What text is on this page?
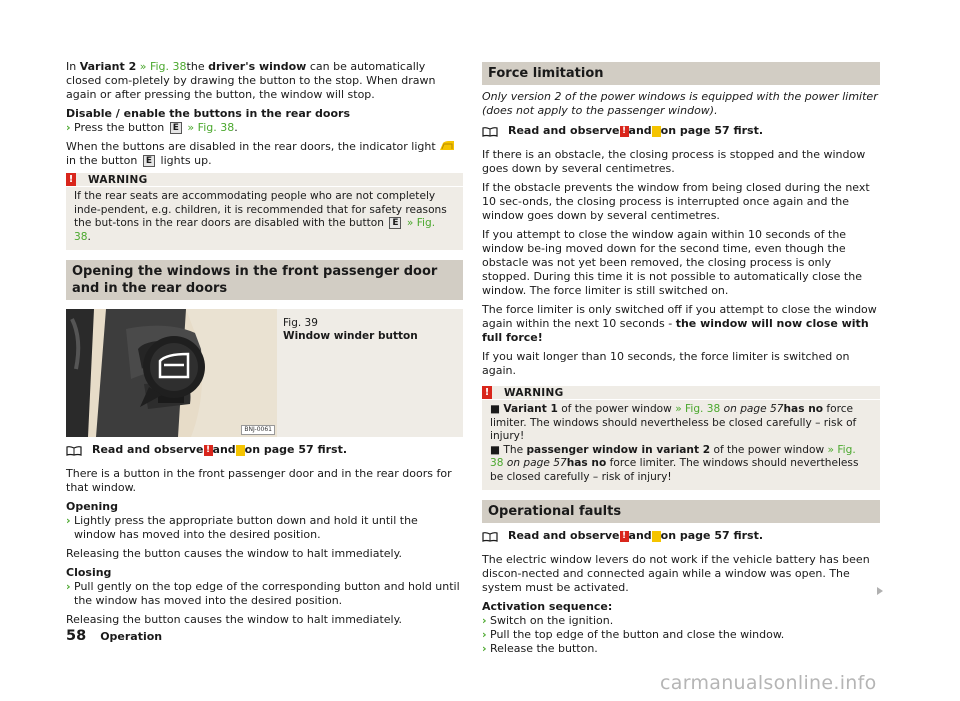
In Variant 2 » Fig. 38the driver's window can be automatically closed com-pletely by drawing the button to the stop. When drawn again or after pressing the button, the window will stop.

Disable / enable the buttons in the rear doors

› Press the button E » Fig. 38.

When the buttons are disabled in the rear doors, the indicator light in the button E lights up.

! WARNING
If the rear seats are accommodating people who are not completely inde-pendent, e.g. children, it is recommended that for safety reasons the but-tons in the rear doors are disabled with the button E » Fig. 38.
Opening the windows in the front passenger door and in the rear doors
BNJ-0061
Fig. 39
Window winder button
Read and observe ! and on page 57 first.

There is a button in the front passenger door and in the rear doors for that window.

Opening

› Lightly press the appropriate button down and hold it until the window has moved into the desired position.

Releasing the button causes the window to halt immediately.

Closing

› Pull gently on the top edge of the corresponding button and hold until the window has moved into the desired position.

Releasing the button causes the window to halt immediately.

Force limitation

Only version 2 of the power windows is equipped with the power limiter (does not apply to the passenger window).

Read and observe ! and on page 57 first.

If there is an obstacle, the closing process is stopped and the window goes down by several centimetres.

If the obstacle prevents the window from being closed during the next 10 sec-onds, the closing process is interrupted once again and the window goes down by several centimetres.

If you attempt to close the window again within 10 seconds of the window be-ing moved down for the second time, even though the obstacle was not yet been removed, the closing process is only stopped. During this time it is not possible to automatically close the window. The force limiter is still switched on.

The force limiter is only switched off if you attempt to close the window again within the next 10 seconds - the window will now close with full force!

If you wait longer than 10 seconds, the force limiter is switched on again.

! WARNING
■ Variant 1 of the power window » Fig. 38 on page 57has no force limiter. The windows should nevertheless be closed carefully – risk of injury!
■ The passenger window in variant 2 of the power window » Fig. 38 on page 57has no force limiter. The windows should nevertheless be closed carefully – risk of injury!
Operational faults
Read and observe ! and on page 57 first.

The electric window levers do not work if the vehicle battery has been discon-nected and connected again while a window was open. The system must be activated.

Activation sequence:

› Switch on the ignition.
› Pull the top edge of the button and close the window.
› Release the button.
58 Operation
carmanualsonline.info
